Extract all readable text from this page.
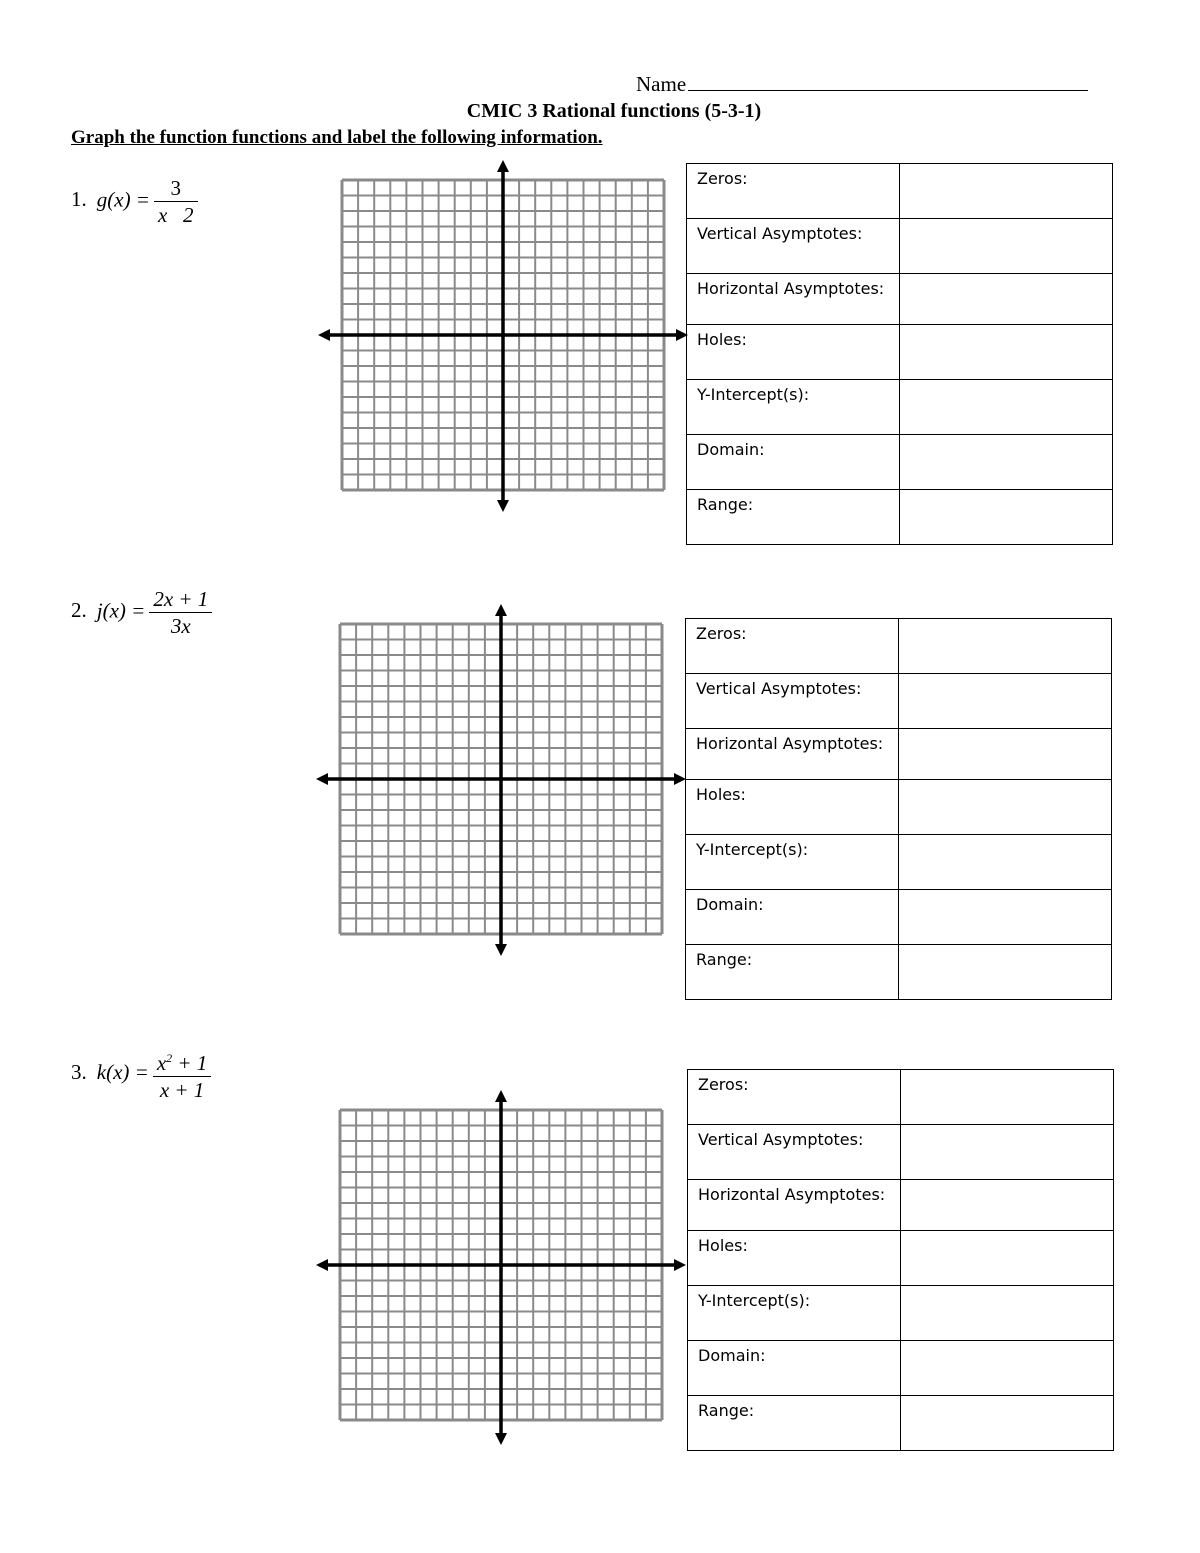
Name
CMIC 3 Rational functions (5-3-1)
Graph the function functions and label the following information.
1. $g(x) = \frac{3}{x 2}$	Zeros:	
Vertical Asymptotes:	
Horizontal Asymptotes:	
Holes:	
Y-Intercept(s):	
Domain:	
Range:	
2. $j(x) = \frac{2x + 1}{3x}$	Zeros:	
Vertical Asymptotes:	
Horizontal Asymptotes:	
Holes:	
Y-Intercept(s):	
Domain:	
Range:	
3. $k(x) = \frac{x^2 + 1}{x + 1}$	Zeros:	
Vertical Asymptotes:	
Horizontal Asymptotes:	
Holes:	
Y-Intercept(s):	
Domain:	
Range:	
